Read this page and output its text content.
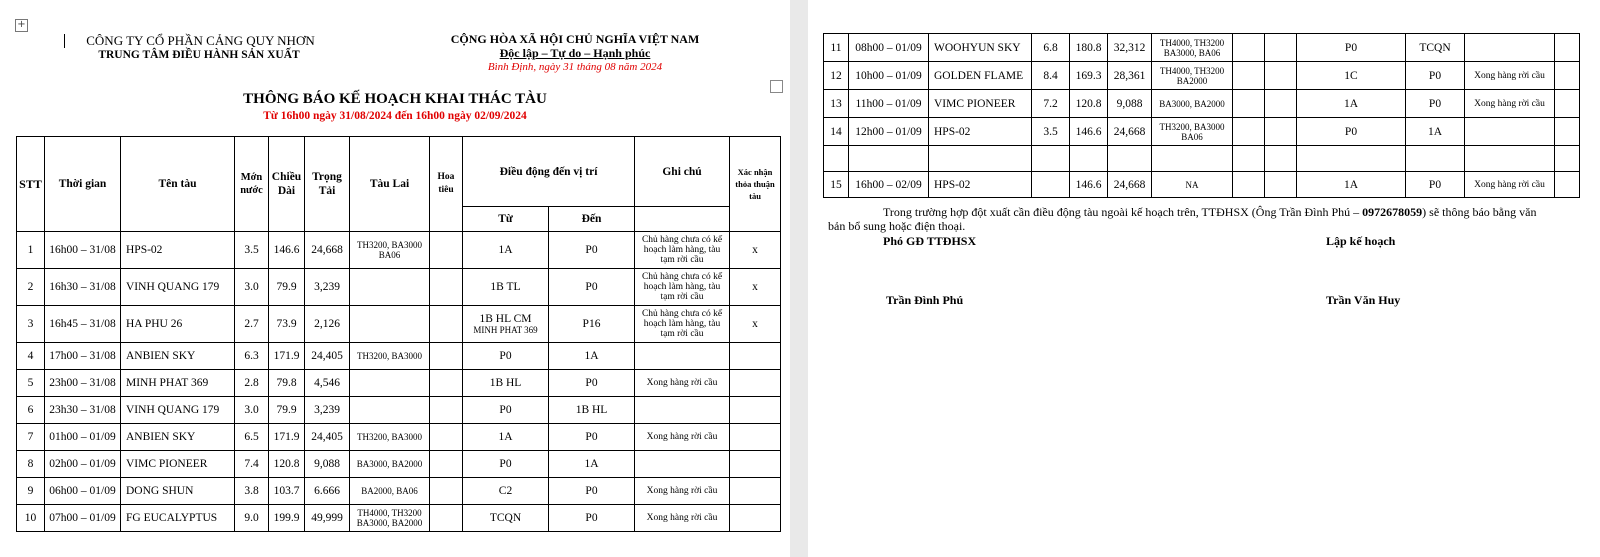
+
CÔNG TY CỔ PHẦN CẢNG QUY NHƠN
TRUNG TÂM ĐIỀU HÀNH SẢN XUẤT
CỘNG HÒA XÃ HỘI CHỦ NGHĨA VIỆT NAM
Độc lập – Tự do – Hạnh phúc
Bình Định, ngày 31 tháng 08 năm 2024
THÔNG BÁO KẾ HOẠCH KHAI THÁC TÀU
Từ 16h00 ngày 31/08/2024 đến 16h00 ngày 02/09/2024
STT	Thời gian	Tên tàu	Mớn nước	Chiều Dài	Trọng Tải	Tàu Lai	Hoa tiêu	Điều động đến vị trí		Ghi chú	Xác nhận thỏa thuận tàu
								Từ	Đến		
1	16h00 – 31/08	HPS-02	3.5	146.6	24,668	TH3200, BA3000 BA06		1A	P0	Chủ hàng chưa có kế hoạch làm hàng, tàu tạm rời cầu	x
2	16h30 – 31/08	VINH QUANG 179	3.0	79.9	3,239			1B TL	P0	Chủ hàng chưa có kế hoạch làm hàng, tàu tạm rời cầu	x
3	16h45 – 31/08	HA PHU 26	2.7	73.9	2,126			1B HL CM
MINH PHAT 369	P16	Chủ hàng chưa có kế hoạch làm hàng, tàu tạm rời cầu	x
4	17h00 – 31/08	ANBIEN SKY	6.3	171.9	24,405	TH3200, BA3000		P0	1A		
5	23h00 – 31/08	MINH PHAT 369	2.8	79.8	4,546			1B HL	P0	Xong hàng rời cầu	
6	23h30 – 31/08	VINH QUANG 179	3.0	79.9	3,239			P0	1B HL		
7	01h00 – 01/09	ANBIEN SKY	6.5	171.9	24,405	TH3200, BA3000		1A	P0	Xong hàng rời cầu	
8	02h00 – 01/09	VIMC PIONEER	7.4	120.8	9,088	BA3000, BA2000		P0	1A		
9	06h00 – 01/09	DONG SHUN	3.8	103.7	6.666	BA2000, BA06		C2	P0	Xong hàng rời cầu	
10	07h00 – 01/09	FG EUCALYPTUS	9.0	199.9	49,999	TH4000, TH3200 BA3000, BA2000		TCQN	P0	Xong hàng rời cầu	
11	08h00 – 01/09	WOOHYUN SKY	6.8	180.8	32,312	TH4000, TH3200 BA3000, BA06			P0	TCQN		
12	10h00 – 01/09	GOLDEN FLAME	8.4	169.3	28,361	TH4000, TH3200 BA2000			1C	P0	Xong hàng rời cầu	
13	11h00 – 01/09	VIMC PIONEER	7.2	120.8	9,088	BA3000, BA2000			1A	P0	Xong hàng rời cầu	
14	12h00 – 01/09	HPS-02	3.5	146.6	24,668	TH3200, BA3000 BA06			P0	1A		

15	16h00 – 02/09	HPS-02		146.6	24,668	NA			1A	P0	Xong hàng rời cầu	
Trong trường hợp đột xuất cần điều động tàu ngoài kế hoạch trên, TTĐHSX (Ông Trần Đình Phú – 0972678059) sẽ thông báo bằng văn bản bổ sung hoặc điện thoại.
Phó GĐ TTĐHSX	Lập kế hoạch
Trần Đình Phú	Trần Văn Huy
